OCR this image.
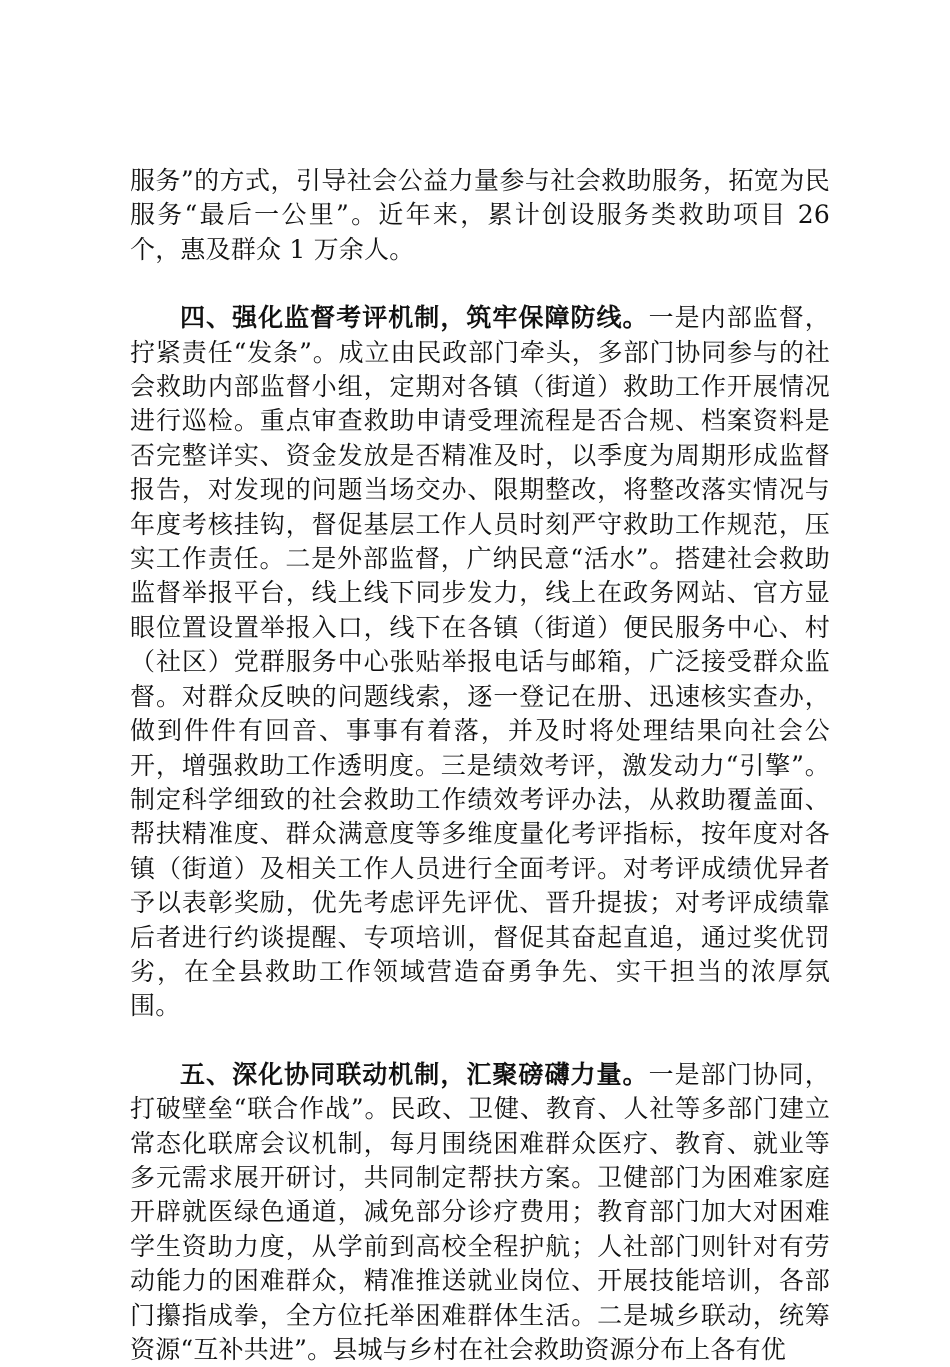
服务”的方式，引导社会公益力量参与社会救助服务，拓宽为民服务“最后一公里”。近年来，累计创设服务类救助项目 26 个，惠及群众 1 万余人。

四、强化监督考评机制，筑牢保障防线。一是内部监督，拧紧责任“发条”。成立由民政部门牵头，多部门协同参与的社会救助内部监督小组，定期对各镇（街道）救助工作开展情况进行巡检。重点审查救助申请受理流程是否合规、档案资料是否完整详实、资金发放是否精准及时，以季度为周期形成监督报告，对发现的问题当场交办、限期整改，将整改落实情况与年度考核挂钩，督促基层工作人员时刻严守救助工作规范，压实工作责任。二是外部监督，广纳民意“活水”。搭建社会救助监督举报平台，线上线下同步发力，线上在政务网站、官方显眼位置设置举报入口，线下在各镇（街道）便民服务中心、村（社区）党群服务中心张贴举报电话与邮箱，广泛接受群众监督。对群众反映的问题线索，逐一登记在册、迅速核实查办，做到件件有回音、事事有着落，并及时将处理结果向社会公开，增强救助工作透明度。三是绩效考评，激发动力“引擎”。制定科学细致的社会救助工作绩效考评办法，从救助覆盖面、帮扶精准度、群众满意度等多维度量化考评指标，按年度对各镇（街道）及相关工作人员进行全面考评。对考评成绩优异者予以表彰奖励，优先考虑评先评优、晋升提拔；对考评成绩靠后者进行约谈提醒、专项培训，督促其奋起直追，通过奖优罚劣，在全县救助工作领域营造奋勇争先、实干担当的浓厚氛围。

五、深化协同联动机制，汇聚磅礴力量。一是部门协同，打破壁垒“联合作战”。民政、卫健、教育、人社等多部门建立常态化联席会议机制，每月围绕困难群众医疗、教育、就业等多元需求展开研讨，共同制定帮扶方案。卫健部门为困难家庭开辟就医绿色通道，减免部分诊疗费用；教育部门加大对困难学生资助力度，从学前到高校全程护航；人社部门则针对有劳动能力的困难群众，精准推送就业岗位、开展技能培训，各部门攥指成拳，全方位托举困难群体生活。二是城乡联动，统筹资源“互补共进”。县城与乡村在社会救助资源分布上各有优
